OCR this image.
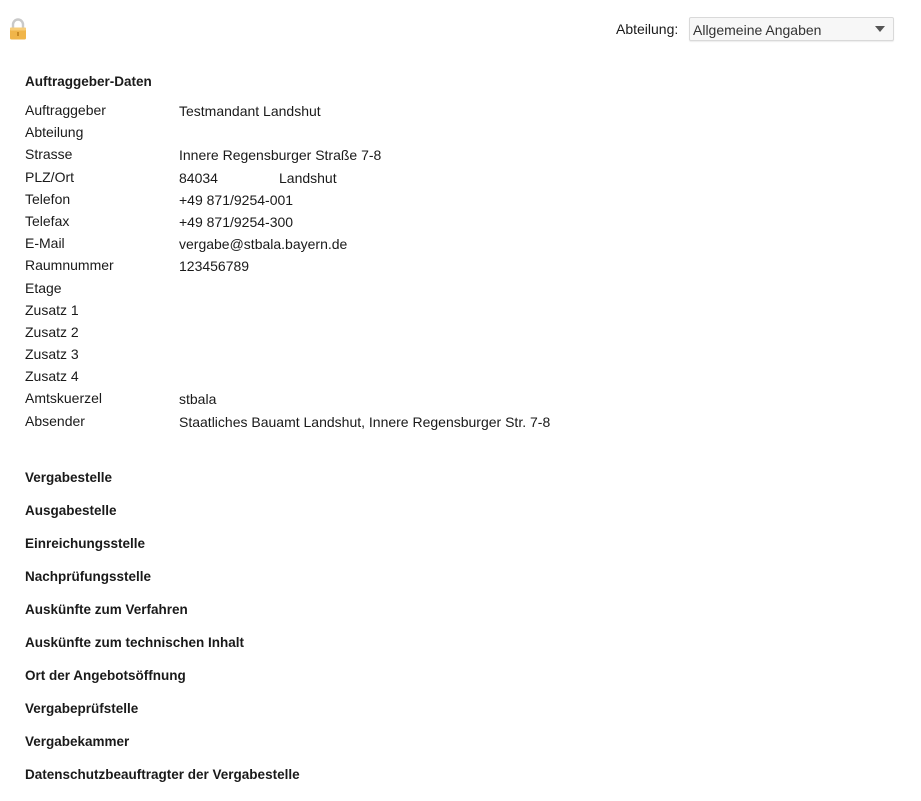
Abteilung: Allgemeine Angaben
Auftraggeber-Daten
Auftraggeber	Testmandant Landshut
Abteilung
Strasse	Innere Regensburger Straße 7-8
PLZ/Ort	84034	Landshut
Telefon	+49 871/9254-001
Telefax	+49 871/9254-300
E-Mail	vergabe@stbala.bayern.de
Raumnummer	123456789
Etage
Zusatz 1
Zusatz 2
Zusatz 3
Zusatz 4
Amtskuerzel	stbala
Absender	Staatliches Bauamt Landshut, Innere Regensburger Str. 7-8
Vergabestelle
Ausgabestelle
Einreichungsstelle
Nachprüfungsstelle
Auskünfte zum Verfahren
Auskünfte zum technischen Inhalt
Ort der Angebotsöffnung
Vergabeprüfstelle
Vergabekammer
Datenschutzbeauftragter der Vergabestelle
